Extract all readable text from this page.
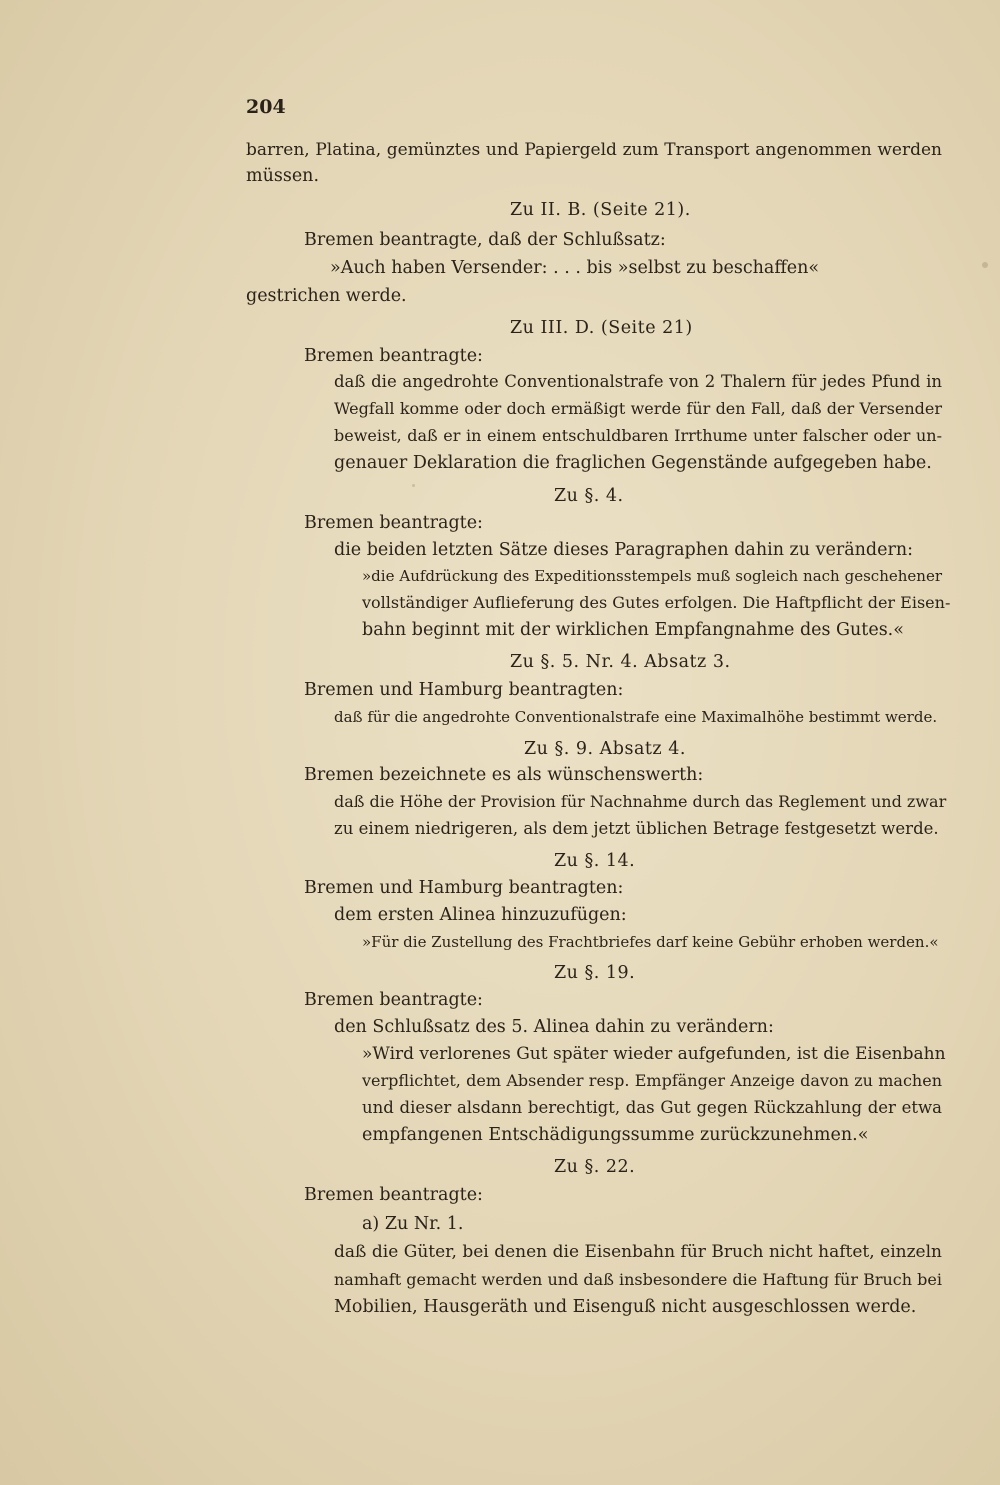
204
barren, Platina, gemünztes und Papiergeld zum Transport angenommen werden
müssen.
Zu II. B. (Seite 21).
Bremen beantragte, daß der Schlußsatz:
»Auch haben Versender: . . . bis »selbst zu beschaffen«
gestrichen werde.
Zu III. D. (Seite 21)
Bremen beantragte:
daß die angedrohte Conventionalstrafe von 2 Thalern für jedes Pfund in
Wegfall komme oder doch ermäßigt werde für den Fall, daß der Versender
beweist, daß er in einem entschuldbaren Irrthume unter falscher oder un-
genauer Deklaration die fraglichen Gegenstände aufgegeben habe.
Zu §. 4.
Bremen beantragte:
die beiden letzten Sätze dieses Paragraphen dahin zu verändern:
»die Aufdrückung des Expeditionsstempels muß sogleich nach geschehener
vollständiger Auflieferung des Gutes erfolgen. Die Haftpflicht der Eisen-
bahn beginnt mit der wirklichen Empfangnahme des Gutes.«
Zu §. 5. Nr. 4. Absatz 3.
Bremen und Hamburg beantragten:
daß für die angedrohte Conventionalstrafe eine Maximalhöhe bestimmt werde.
Zu §. 9. Absatz 4.
Bremen bezeichnete es als wünschenswerth:
daß die Höhe der Provision für Nachnahme durch das Reglement und zwar
zu einem niedrigeren, als dem jetzt üblichen Betrage festgesetzt werde.
Zu §. 14.
Bremen und Hamburg beantragten:
dem ersten Alinea hinzuzufügen:
»Für die Zustellung des Frachtbriefes darf keine Gebühr erhoben werden.«
Zu §. 19.
Bremen beantragte:
den Schlußsatz des 5. Alinea dahin zu verändern:
»Wird verlorenes Gut später wieder aufgefunden, ist die Eisenbahn
verpflichtet, dem Absender resp. Empfänger Anzeige davon zu machen
und dieser alsdann berechtigt, das Gut gegen Rückzahlung der etwa
empfangenen Entschädigungssumme zurückzunehmen.«
Zu §. 22.
Bremen beantragte:
a) Zu Nr. 1.
daß die Güter, bei denen die Eisenbahn für Bruch nicht haftet, einzeln
namhaft gemacht werden und daß insbesondere die Haftung für Bruch bei
Mobilien, Hausgeräth und Eisenguß nicht ausgeschlossen werde.
